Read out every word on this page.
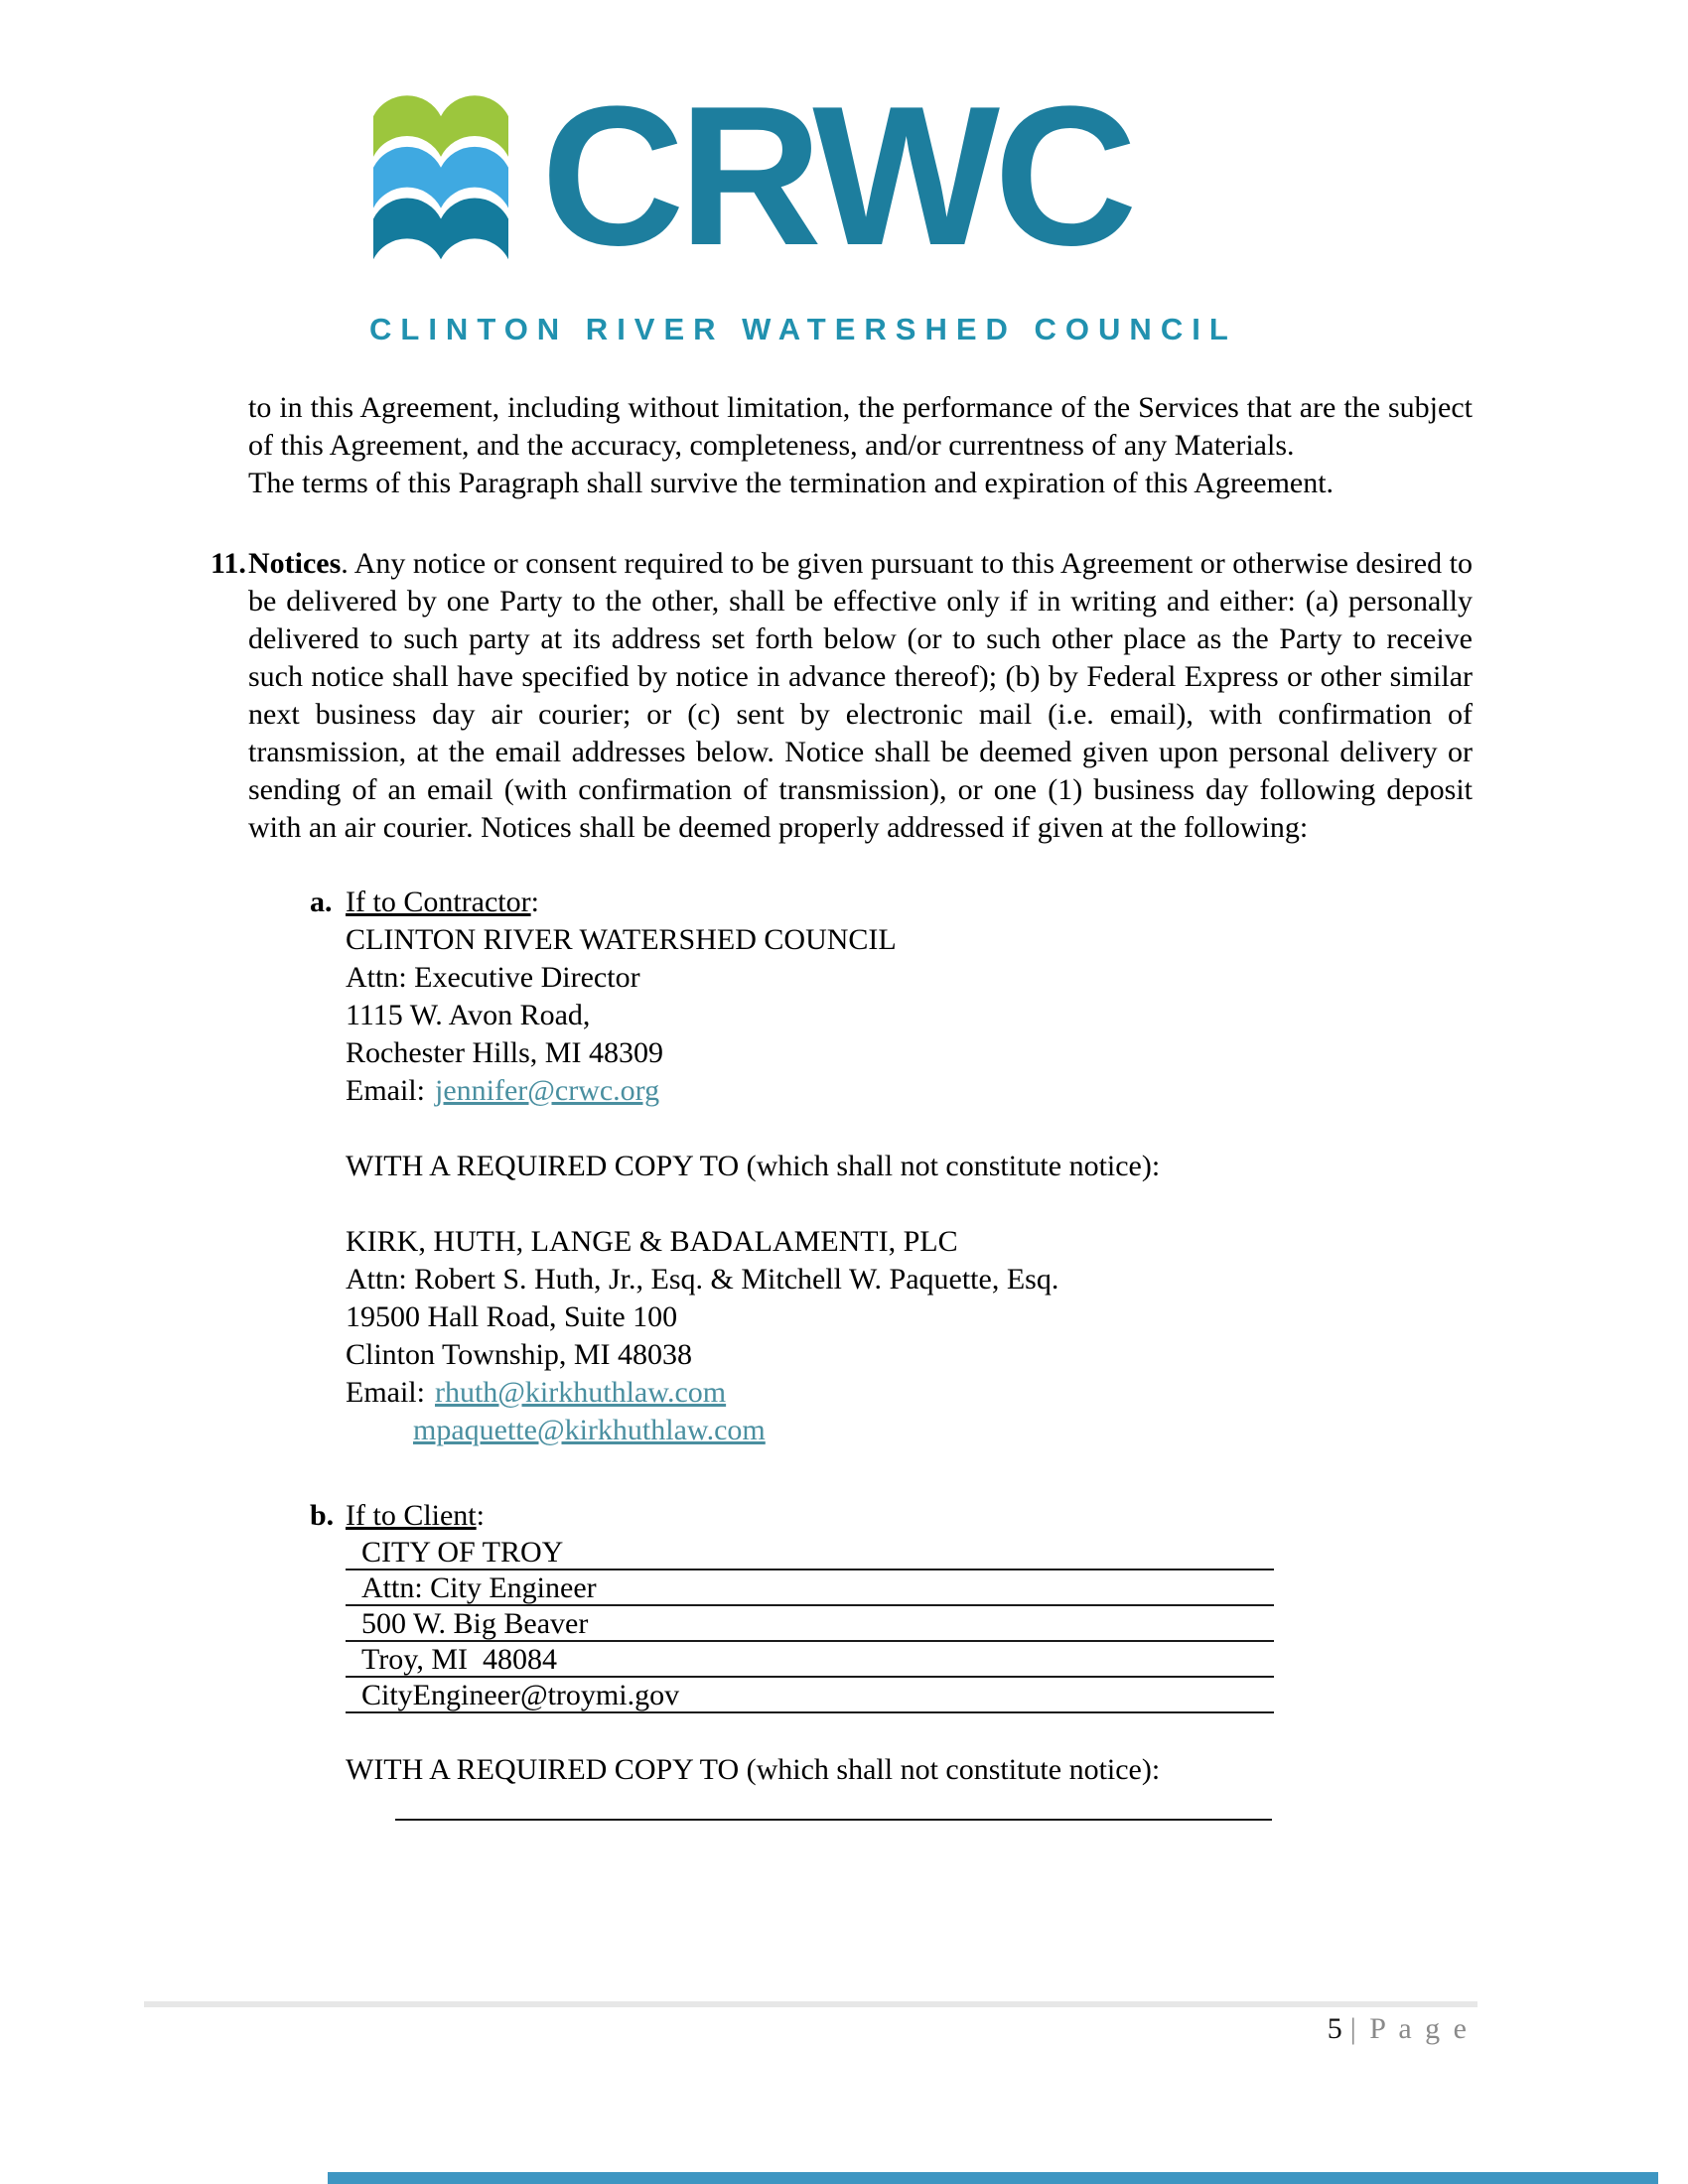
CRWC
CLINTON RIVER WATERSHED COUNCIL

to in this Agreement, including without limitation, the performance of the Services that are the subject of this Agreement, and the accuracy, completeness, and/or currentness of any Materials.

The terms of this Paragraph shall survive the termination and expiration of this Agreement.

11. Notices. Any notice or consent required to be given pursuant to this Agreement or otherwise desired to be delivered by one Party to the other, shall be effective only if in writing and either: (a) personally delivered to such party at its address set forth below (or to such other place as the Party to receive such notice shall have specified by notice in advance thereof); (b) by Federal Express or other similar next business day air courier; or (c) sent by electronic mail (i.e. email), with confirmation of transmission, at the email addresses below. Notice shall be deemed given upon personal delivery or sending of an email (with confirmation of transmission), or one (1) business day following deposit with an air courier. Notices shall be deemed properly addressed if given at the following:
a. If to Contractor:
CLINTON RIVER WATERSHED COUNCIL
Attn: Executive Director
1115 W. Avon Road,
Rochester Hills, MI 48309
Email: jennifer@crwc.org
WITH A REQUIRED COPY TO (which shall not constitute notice):
KIRK, HUTH, LANGE & BADALAMENTI, PLC
Attn: Robert S. Huth, Jr., Esq. & Mitchell W. Paquette, Esq.
19500 Hall Road, Suite 100
Clinton Township, MI 48038
Email: rhuth@kirkhuthlaw.com
mpaquette@kirkhuthlaw.com
b. If to Client:
CITY OF TROY
Attn: City Engineer
500 W. Big Beaver
Troy, MI  48084
CityEngineer@troymi.gov
WITH A REQUIRED COPY TO (which shall not constitute notice):
5 | P a g e
